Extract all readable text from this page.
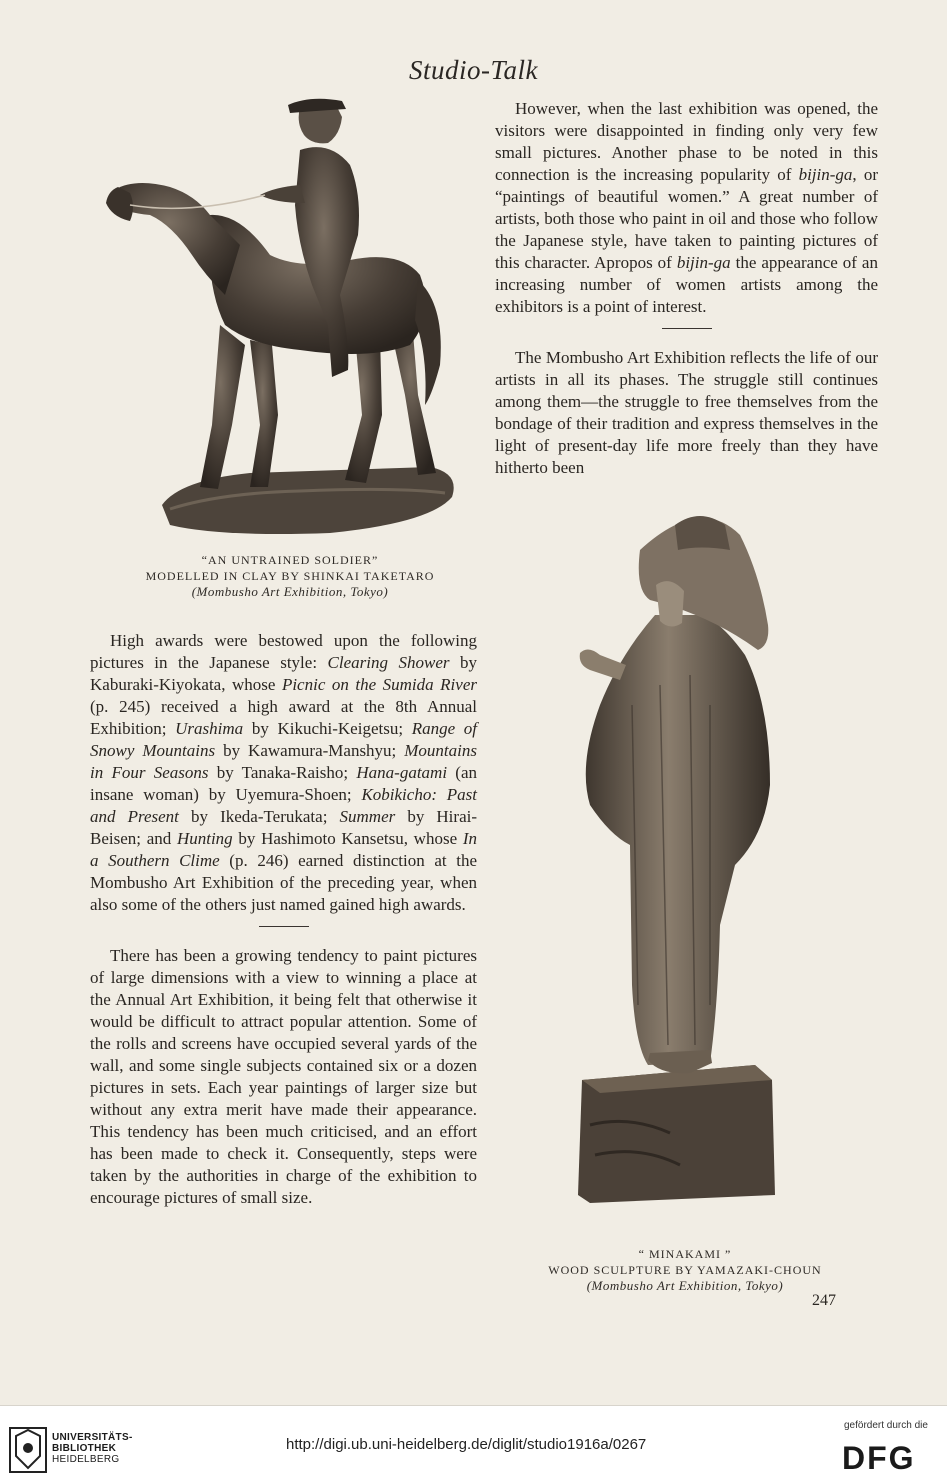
Studio-Talk
“AN UNTRAINED SOLDIER”
MODELLED IN CLAY BY SHINKAI TAKETARO
(Mombusho Art Exhibition, Tokyo)

However, when the last exhibition was opened, the visitors were disappointed in finding only very few small pictures. Another phase to be noted in this connection is the increasing popularity of bijin-ga, or “paintings of beautiful women.” A great number of artists, both those who paint in oil and those who follow the Japanese style, have taken to painting pictures of this character. Apropos of bijin-ga the appearance of an increasing number of women artists among the exhibitors is a point of interest.

The Mombusho Art Exhibition reflects the life of our artists in all its phases. The struggle still continues among them—the struggle to free themselves from the bondage of their tradition and express themselves in the light of present-day life more freely than they have hitherto been

High awards were bestowed upon the following pictures in the Japanese style: Clearing Shower by Kaburaki-Kiyokata, whose Picnic on the Sumida River (p. 245) received a high award at the 8th Annual Exhibition; Urashima by Kikuchi-Keigetsu; Range of Snowy Mountains by Kawamura-Manshyu; Mountains in Four Seasons by Tanaka-Raisho; Hana-gatami (an insane woman) by Uyemura-Shoen; Kobikicho: Past and Present by Ikeda-Terukata; Summer by Hirai-Beisen; and Hunting by Hashimoto Kansetsu, whose In a Southern Clime (p. 246) earned distinction at the Mombusho Art Exhibition of the preceding year, when also some of the others just named gained high awards.

There has been a growing tendency to paint pictures of large dimensions with a view to winning a place at the Annual Art Exhibition, it being felt that otherwise it would be difficult to attract popular attention. Some of the rolls and screens have occupied several yards of the wall, and some single subjects contained six or a dozen pictures in sets. Each year paintings of larger size but without any extra merit have made their appearance. This tendency has been much criticised, and an effort has been made to check it. Consequently, steps were taken by the authorities in charge of the exhibition to encourage pictures of small size.

“ MINAKAMI ”
WOOD SCULPTURE BY YAMAZAKI-CHOUN
(Mombusho Art Exhibition, Tokyo)
247
UNIVERSITÄTS-
BIBLIOTHEK
HEIDELBERG
http://digi.ub.uni-heidelberg.de/diglit/studio1916a/0267
gefördert durch die
DFG
